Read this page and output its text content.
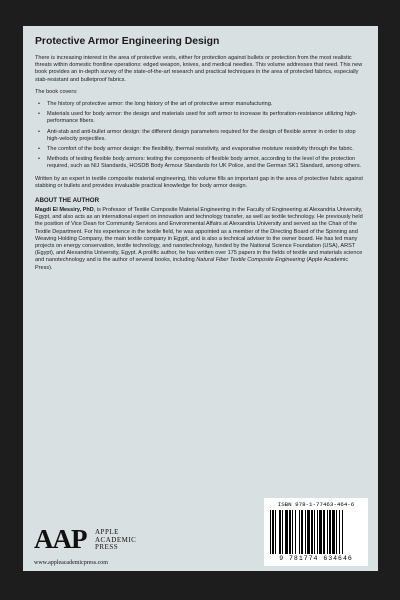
Protective Armor Engineering Design

There is increasing interest in the area of protective vests, either for protection against bullets or protection from the most realistic threats within domestic frontline operations: edged weapon, knives, and medical needles. This volume addresses that need. This new book provides an in-depth survey of the state-of-the-art research and practical techniques in the area of protected fabrics, especially stab-resistant and bulletproof fabrics.

The book covers:

• The history of protective armor: the long history of the art of protective armor manufacturing.
• Materials used for body armor: the design and materials used for soft armor to increase its perforation-resistance utilizing high-performance fibers.
• Anti-stab and anti-bullet armor design: the different design parameters required for the design of flexible armor in order to stop high-velocity projectiles.
• The comfort of the body armor design: the flexibility, thermal resistivity, and evaporative moisture resistivity through the fabric.
• Methods of testing flexible body armors: testing the components of flexible body armor, according to the level of the protection required, such as NIJ Standards, HOSDB Body Armour Standards for UK Police, and the German SK1 Standard, among others.

Written by an expert in textile composite material engineering, this volume fills an important gap in the area of protective fabric against stabbing or bullets and provides invaluable practical knowledge for body armor design.

ABOUT THE AUTHOR

Magdi El Messiry, PhD, is Professor of Textile Composite Material Engineering in the Faculty of Engineering at Alexandria University, Egypt, and also acts as an international expert on innovation and technology transfer, as well as textile technology. He previously held the position of Vice Dean for Community Services and Environmental Affairs at Alexandria University and served as the Chair of the Textile Department. For his experience in the textile field, he was appointed as a member of the Directing Board of the Spinning and Weaving Holding Company, the main textile company in Egypt, and is also a technical adviser to the owner board. He has led many projects on energy conservation, textile technology, and nanotechnology, funded by the National Science Foundation (USA), ARST (Egypt), and Alexandria University, Egypt. A prolific author, he has written over 175 papers in the fields of textile and materials science and nanotechnology and is the author of several books, including Natural Fiber Textile Composite Engineering (Apple Academic Press).

AAP APPLE
ACADEMIC
PRESS
www.appleacademicpress.com
ISBN 978-1-77463-464-6
9 781774 634646
